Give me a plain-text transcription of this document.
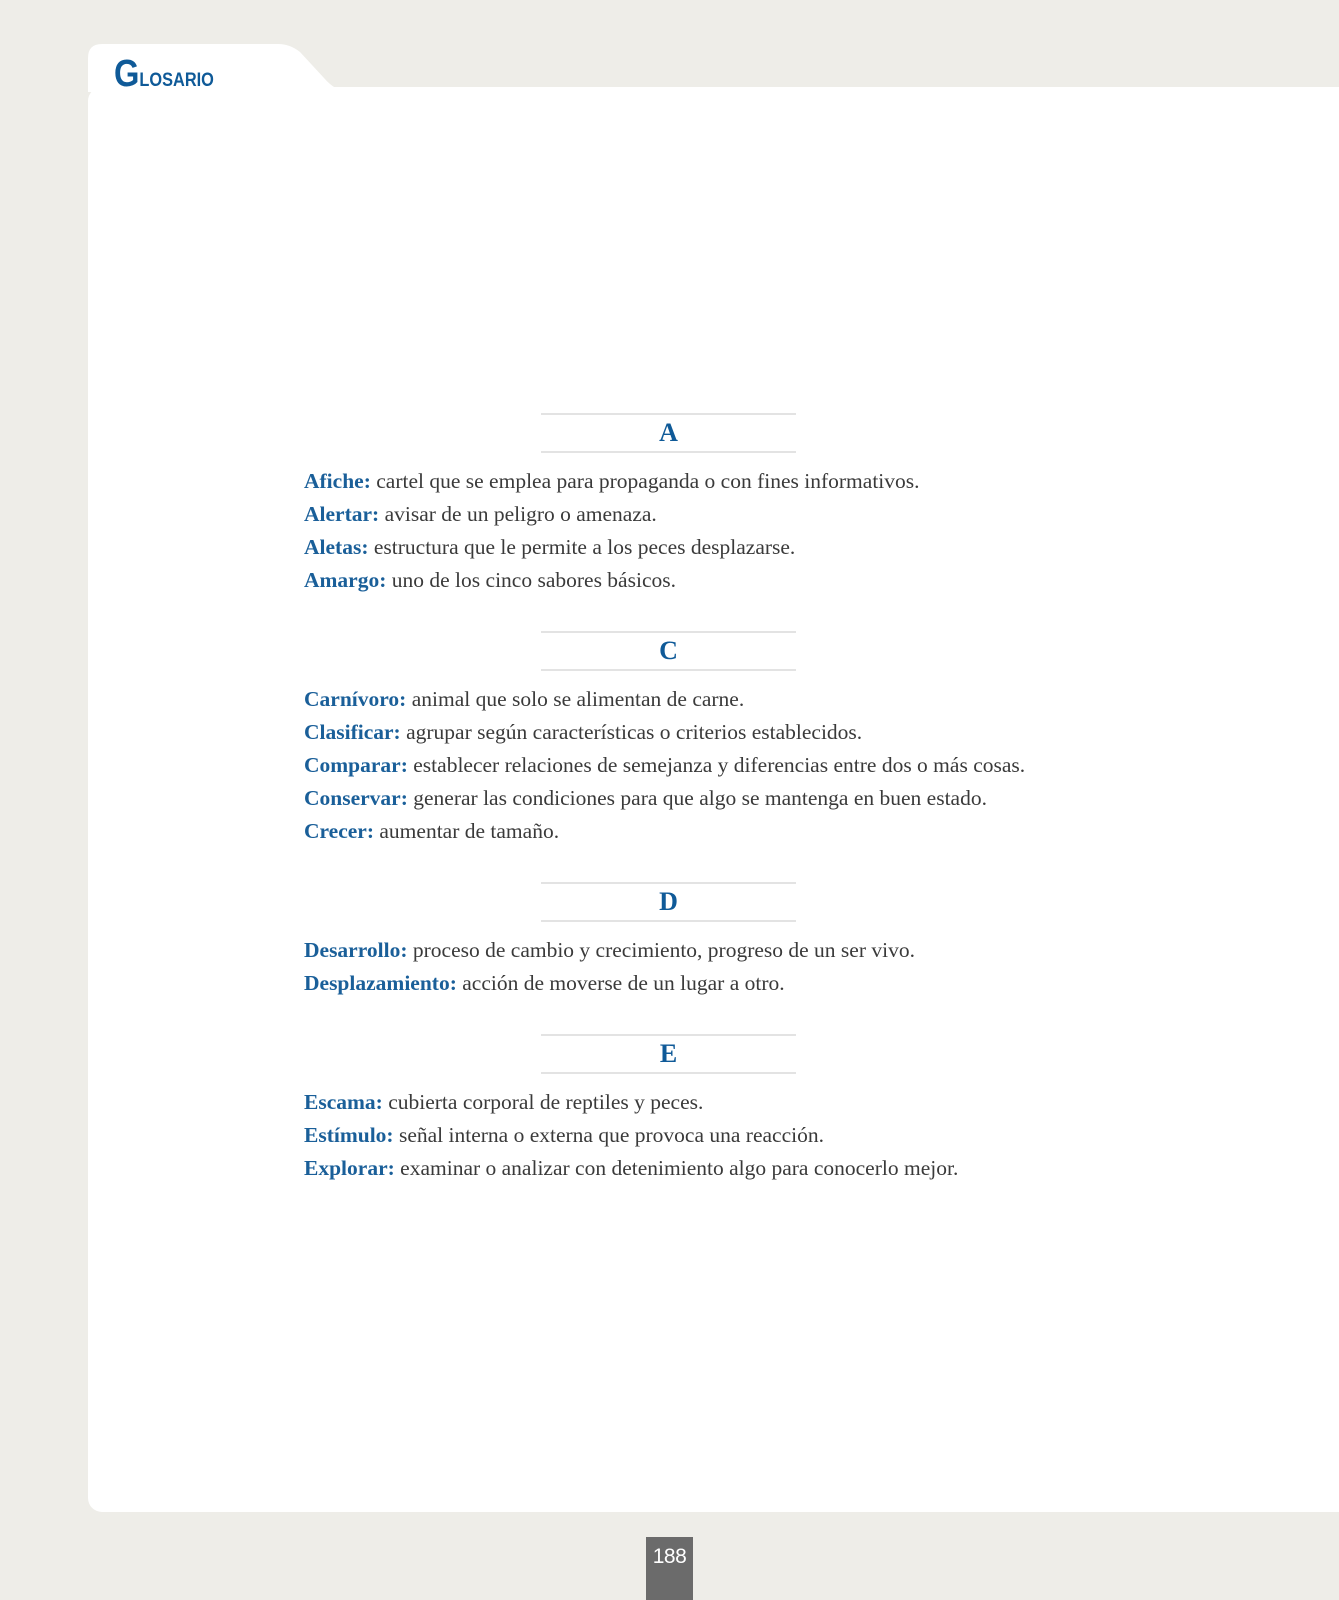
Glosario
A
Afiche: cartel que se emplea para propaganda o con fines informativos.
Alertar: avisar de un peligro o amenaza.
Aletas: estructura que le permite a los peces desplazarse.
Amargo: uno de los cinco sabores básicos.
C
Carnívoro: animal que solo se alimentan de carne.
Clasificar: agrupar según características o criterios establecidos.
Comparar: establecer relaciones de semejanza y diferencias entre dos o más cosas.
Conservar: generar las condiciones para que algo se mantenga en buen estado.
Crecer: aumentar de tamaño.
D
Desarrollo: proceso de cambio y crecimiento, progreso de un ser vivo.
Desplazamiento: acción de moverse de un lugar a otro.
E
Escama: cubierta corporal de reptiles y peces.
Estímulo: señal interna o externa que provoca una reacción.
Explorar: examinar o analizar con detenimiento algo para conocerlo mejor.
188
